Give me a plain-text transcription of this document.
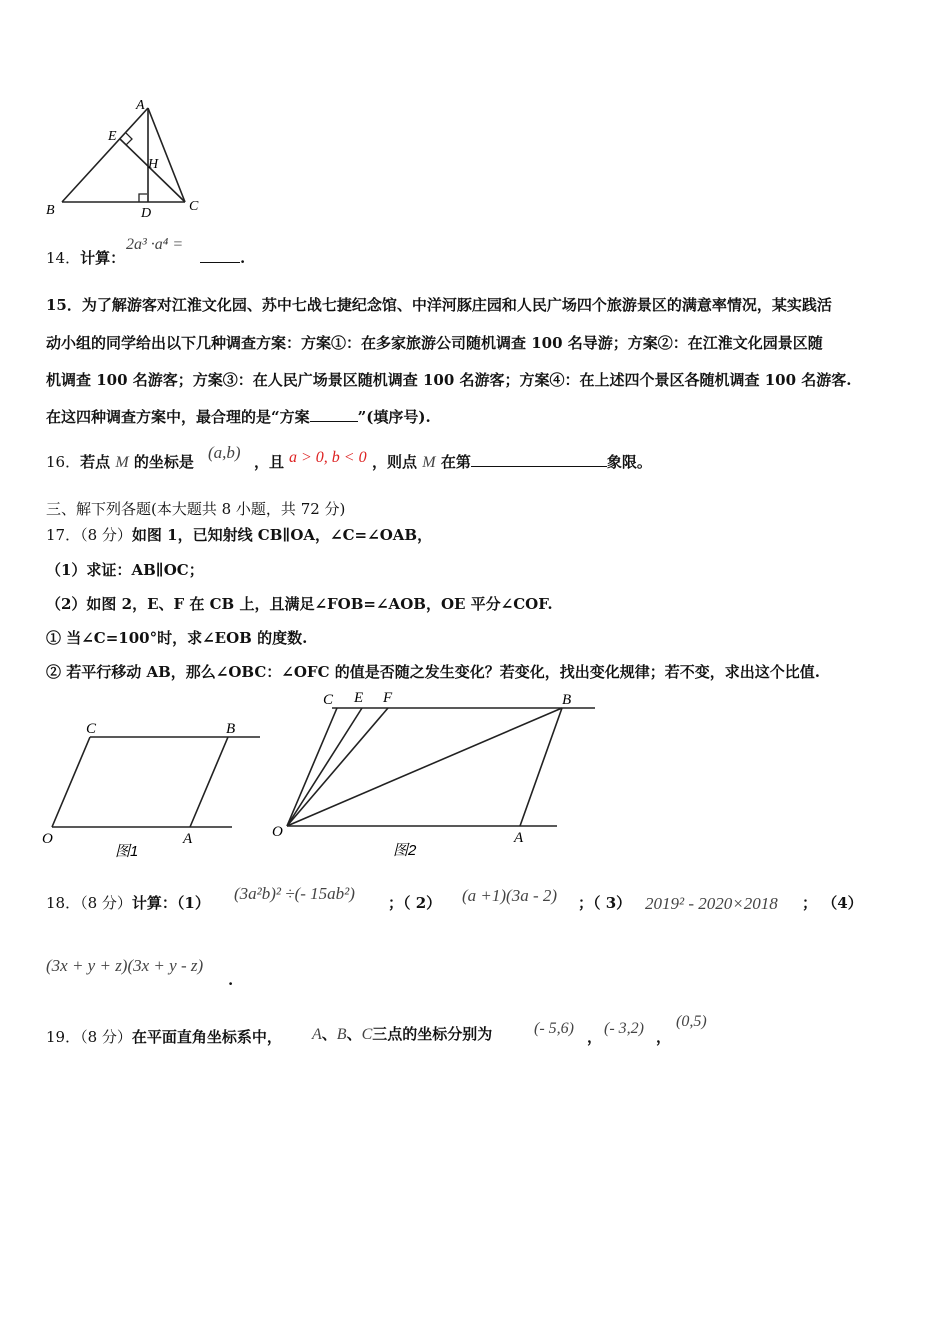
A
E
H
B	D	C
14．计算：
2a³ ·a⁴ =
.
15．为了解游客对江淮文化园、苏中七战七捷纪念馆、中洋河豚庄园和人民广场四个旅游景区的满意率情况，某实践活
动小组的同学给出以下几种调查方案：方案①：在多家旅游公司随机调查 100 名导游；方案②：在江淮文化园景区随
机调查 100 名游客；方案③：在人民广场景区随机调查 100 名游客；方案④：在上述四个景区各随机调查 100 名游客.
在这四种调查方案中，最合理的是“方案	”(填序号).
16．若点 M 的坐标是 (a,b) ，且 a > 0, b < 0 ，则点 M 在第	象限。
三、解下列各题(本大题共 8 小题，共 72 分)
17．（8 分）如图 1，已知射线 CB∥OA，∠C=∠OAB，
（1）求证：AB∥OC；
（2）如图 2，E、F 在 CB 上，且满足∠FOB=∠AOB，OE 平分∠COF.
① 当∠C=100°时，求∠EOB 的度数.
② 若平行移动 AB，那么∠OBC：∠OFC 的值是否随之发生变化？若变化，找出变化规律；若不变，求出这个比值.
C	B
O	A
图1
C E F	B
O	A
图2
18．（8 分）计算：（1） (3a²b)² ÷(- 15ab²) ；（ 2） (a +1)(3a - 2) ；（ 3） 2019² - 2020×2018 ； （4）
(3x + y + z)(3x + y - z)
.
19．（8 分）在平面直角坐标系中， A、B、C三点的坐标分别为	(- 5,6) ， (- 3,2) ，
(0,5)
